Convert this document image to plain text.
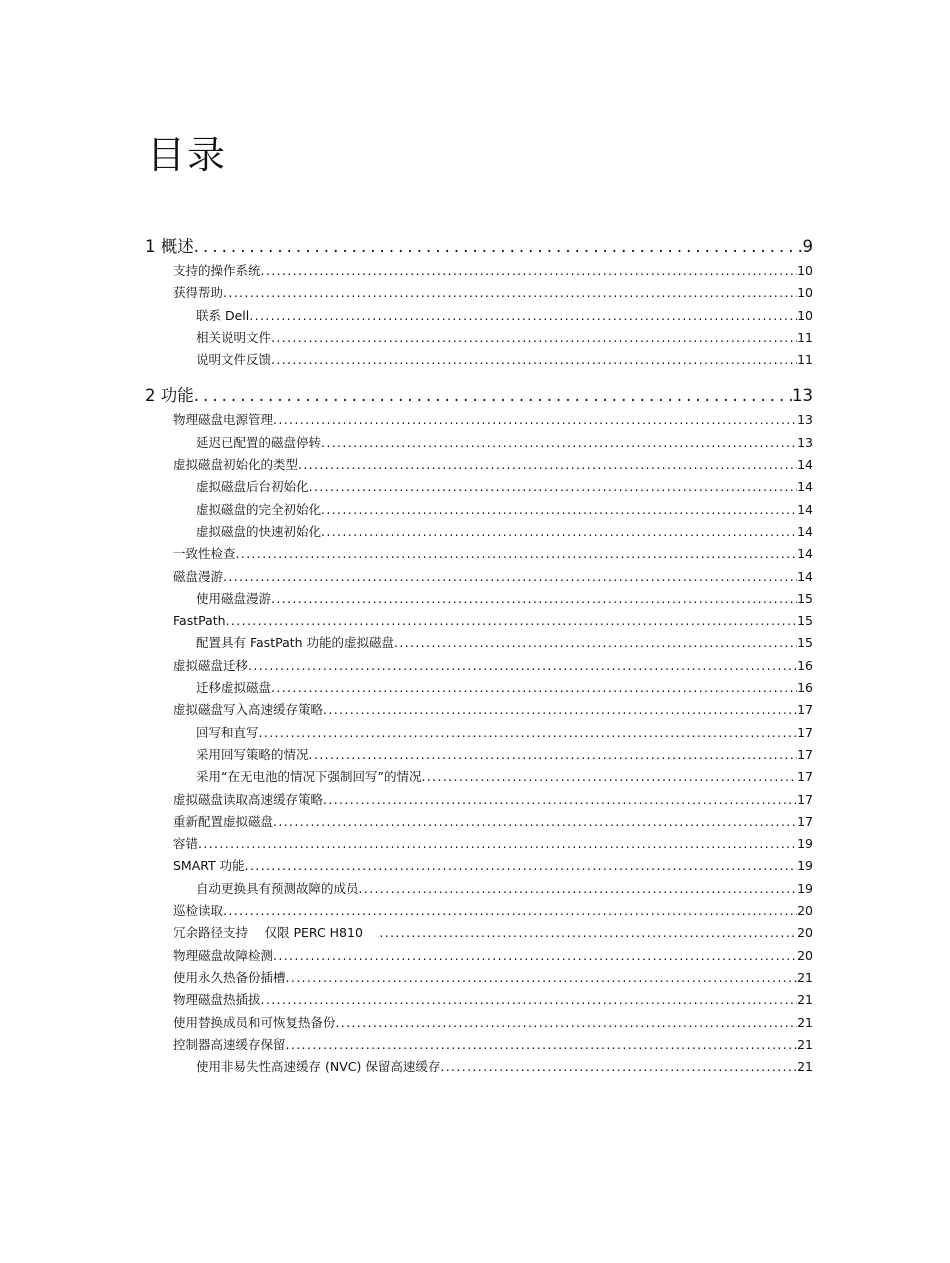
目录
1 概述 . . .	9
支持的操作系统 . . .	10
获得帮助 . . .	10
联系 Dell . . .	10
相关说明文件 . . .	11
说明文件反馈 . . .	11
2 功能 . . .	13
物理磁盘电源管理 . . .	13
延迟已配置的磁盘停转 . . .	13
虚拟磁盘初始化的类型 . . .	14
虚拟磁盘后台初始化 . . .	14
虚拟磁盘的完全初始化 . . .	14
虚拟磁盘的快速初始化 . . .	14
一致性检查 . . .	14
磁盘漫游 . . .	14
使用磁盘漫游 . . .	15
FastPath . . .	15
配置具有 FastPath 功能的虚拟磁盘 . . .	15
虚拟磁盘迁移 . . .	16
迁移虚拟磁盘 . . .	16
虚拟磁盘写入高速缓存策略 . . .	17
回写和直写 . . .	17
采用回写策略的情况 . . .	17
采用“在无电池的情况下强制回写”的情况 . . .	17
虚拟磁盘读取高速缓存策略 . . .	17
重新配置虚拟磁盘 . . .	17
容错 . . .	19
SMART 功能 . . .	19
自动更换具有预测故障的成员 . . .	19
巡检读取 . . .	20
冗余路径支持 　仅限 PERC H810 　 . . .	20
物理磁盘故障检测 . . .	20
使用永久热备份插槽 . . .	21
物理磁盘热插拔 . . .	21
使用替换成员和可恢复热备份 . . .	21
控制器高速缓存保留 . . .	21
使用非易失性高速缓存 (NVC) 保留高速缓存 . . .	21
